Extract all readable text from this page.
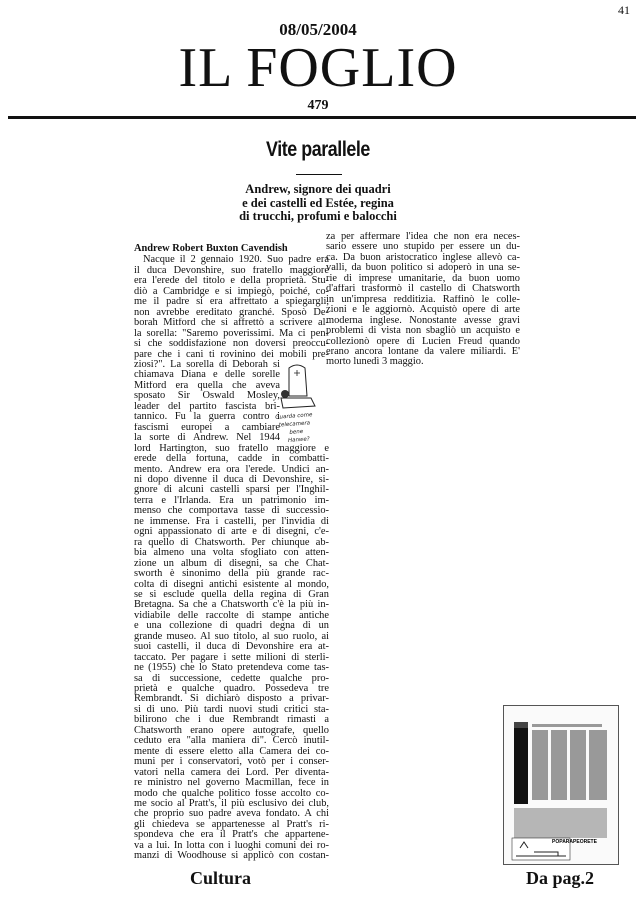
41
08/05/2004
IL FOGLIO
479
Vite parallele
Andrew, signore dei quadri
e dei castelli ed Estée, regina
di trucchi, profumi e balocchi
Andrew Robert Buxton Cavendish
Nacque il 2 gennaio 1920. Suo padre era
il duca Devonshire, suo fratello maggiore
era l'erede del titolo e della proprietà. Stu-
diò a Cambridge e si impiegò, poiché, co-
me il padre si era affrettato a spiegargli,
non avrebbe ereditato granché. Sposò De-
borah Mitford che si affrettò a scrivere al-
la sorella: "Saremo poverissimi. Ma ci pen-
si che soddisfazione non doversi preoccu-
pare che i cani ti rovinino dei mobili pre-
ziosi?". La sorella di Deborah si
chiamava Diana e delle sorelle
Mitford era quella che aveva
sposato Sir Oswald Mosley,
leader del partito fascista bri-
tannico. Fu la guerra contro i
fascismi europei a cambiare
la sorte di Andrew. Nel 1944
lord Hartington, suo fratello maggiore e
erede della fortuna, cadde in combatti-
mento. Andrew era ora l'erede. Undici an-
ni dopo divenne il duca di Devonshire, si-
gnore di alcuni castelli sparsi per l'Inghil-
terra e l'Irlanda. Era un patrimonio im-
menso che comportava tasse di successio-
ne immense. Fra i castelli, per l'invidia di
ogni appassionato di arte e di disegni, c'e-
ra quello di Chatsworth. Per chiunque ab-
bia almeno una volta sfogliato con atten-
zione un album di disegni, sa che Chat-
sworth è sinonimo della più grande rac-
colta di disegni antichi esistente al mondo,
se si esclude quella della regina di Gran
Bretagna. Sa che a Chatsworth c'è la più in-
vidiabile delle raccolte di stampe antiche
e una collezione di quadri degna di un
grande museo. Al suo titolo, al suo ruolo, ai
suoi castelli, il duca di Devonshire era at-
taccato. Per pagare i sette milioni di sterli-
ne (1955) che lo Stato pretendeva come tas-
sa di successione, cedette qualche pro-
prietà e qualche quadro. Possedeva tre
Rembrandt. Si dichiarò disposto a privar-
si di uno. Più tardi nuovi studi critici sta-
bilirono che i due Rembrandt rimasti a
Chatsworth erano opere autografe, quello
ceduto era "alla maniera di". Cercò inutil-
mente di essere eletto alla Camera dei co-
muni per i conservatori, votò per i conser-
vatori nella camera dei Lord. Per diventa-
re ministro nel governo Macmillan, fece in
modo che qualche politico fosse accolto co-
me socio al Pratt's, il più esclusivo dei club,
che proprio suo padre aveva fondato. A chi
gli chiedeva se appartenesse al Pratt's ri-
spondeva che era il Pratt's che appartene-
va a lui. In lotta con i luoghi comuni dei ro-
manzi di Woodhouse si applicò con costan-
Guarda come
telecamera
bene
Hanwe?
za per affermare l'idea che non era neces-
sario essere uno stupido per essere un du-
ca. Da buon aristocratico inglese allevò ca-
valli, da buon politico si adoperò in una se-
rie di imprese umanitarie, da buon uomo
d'affari trasformò il castello di Chatsworth
in un'impresa redditizia. Raffinò le colle-
zioni e le aggiornò. Acquistò opere di arte
moderna inglese. Nonostante avesse gravi
problemi di vista non sbagliò un acquisto e
collezionò opere di Lucien Freud quando
erano ancora lontane da valere miliardi. E'
morto lunedì 3 maggio.
POPARAPEORETE
Cultura	Da pag.2
